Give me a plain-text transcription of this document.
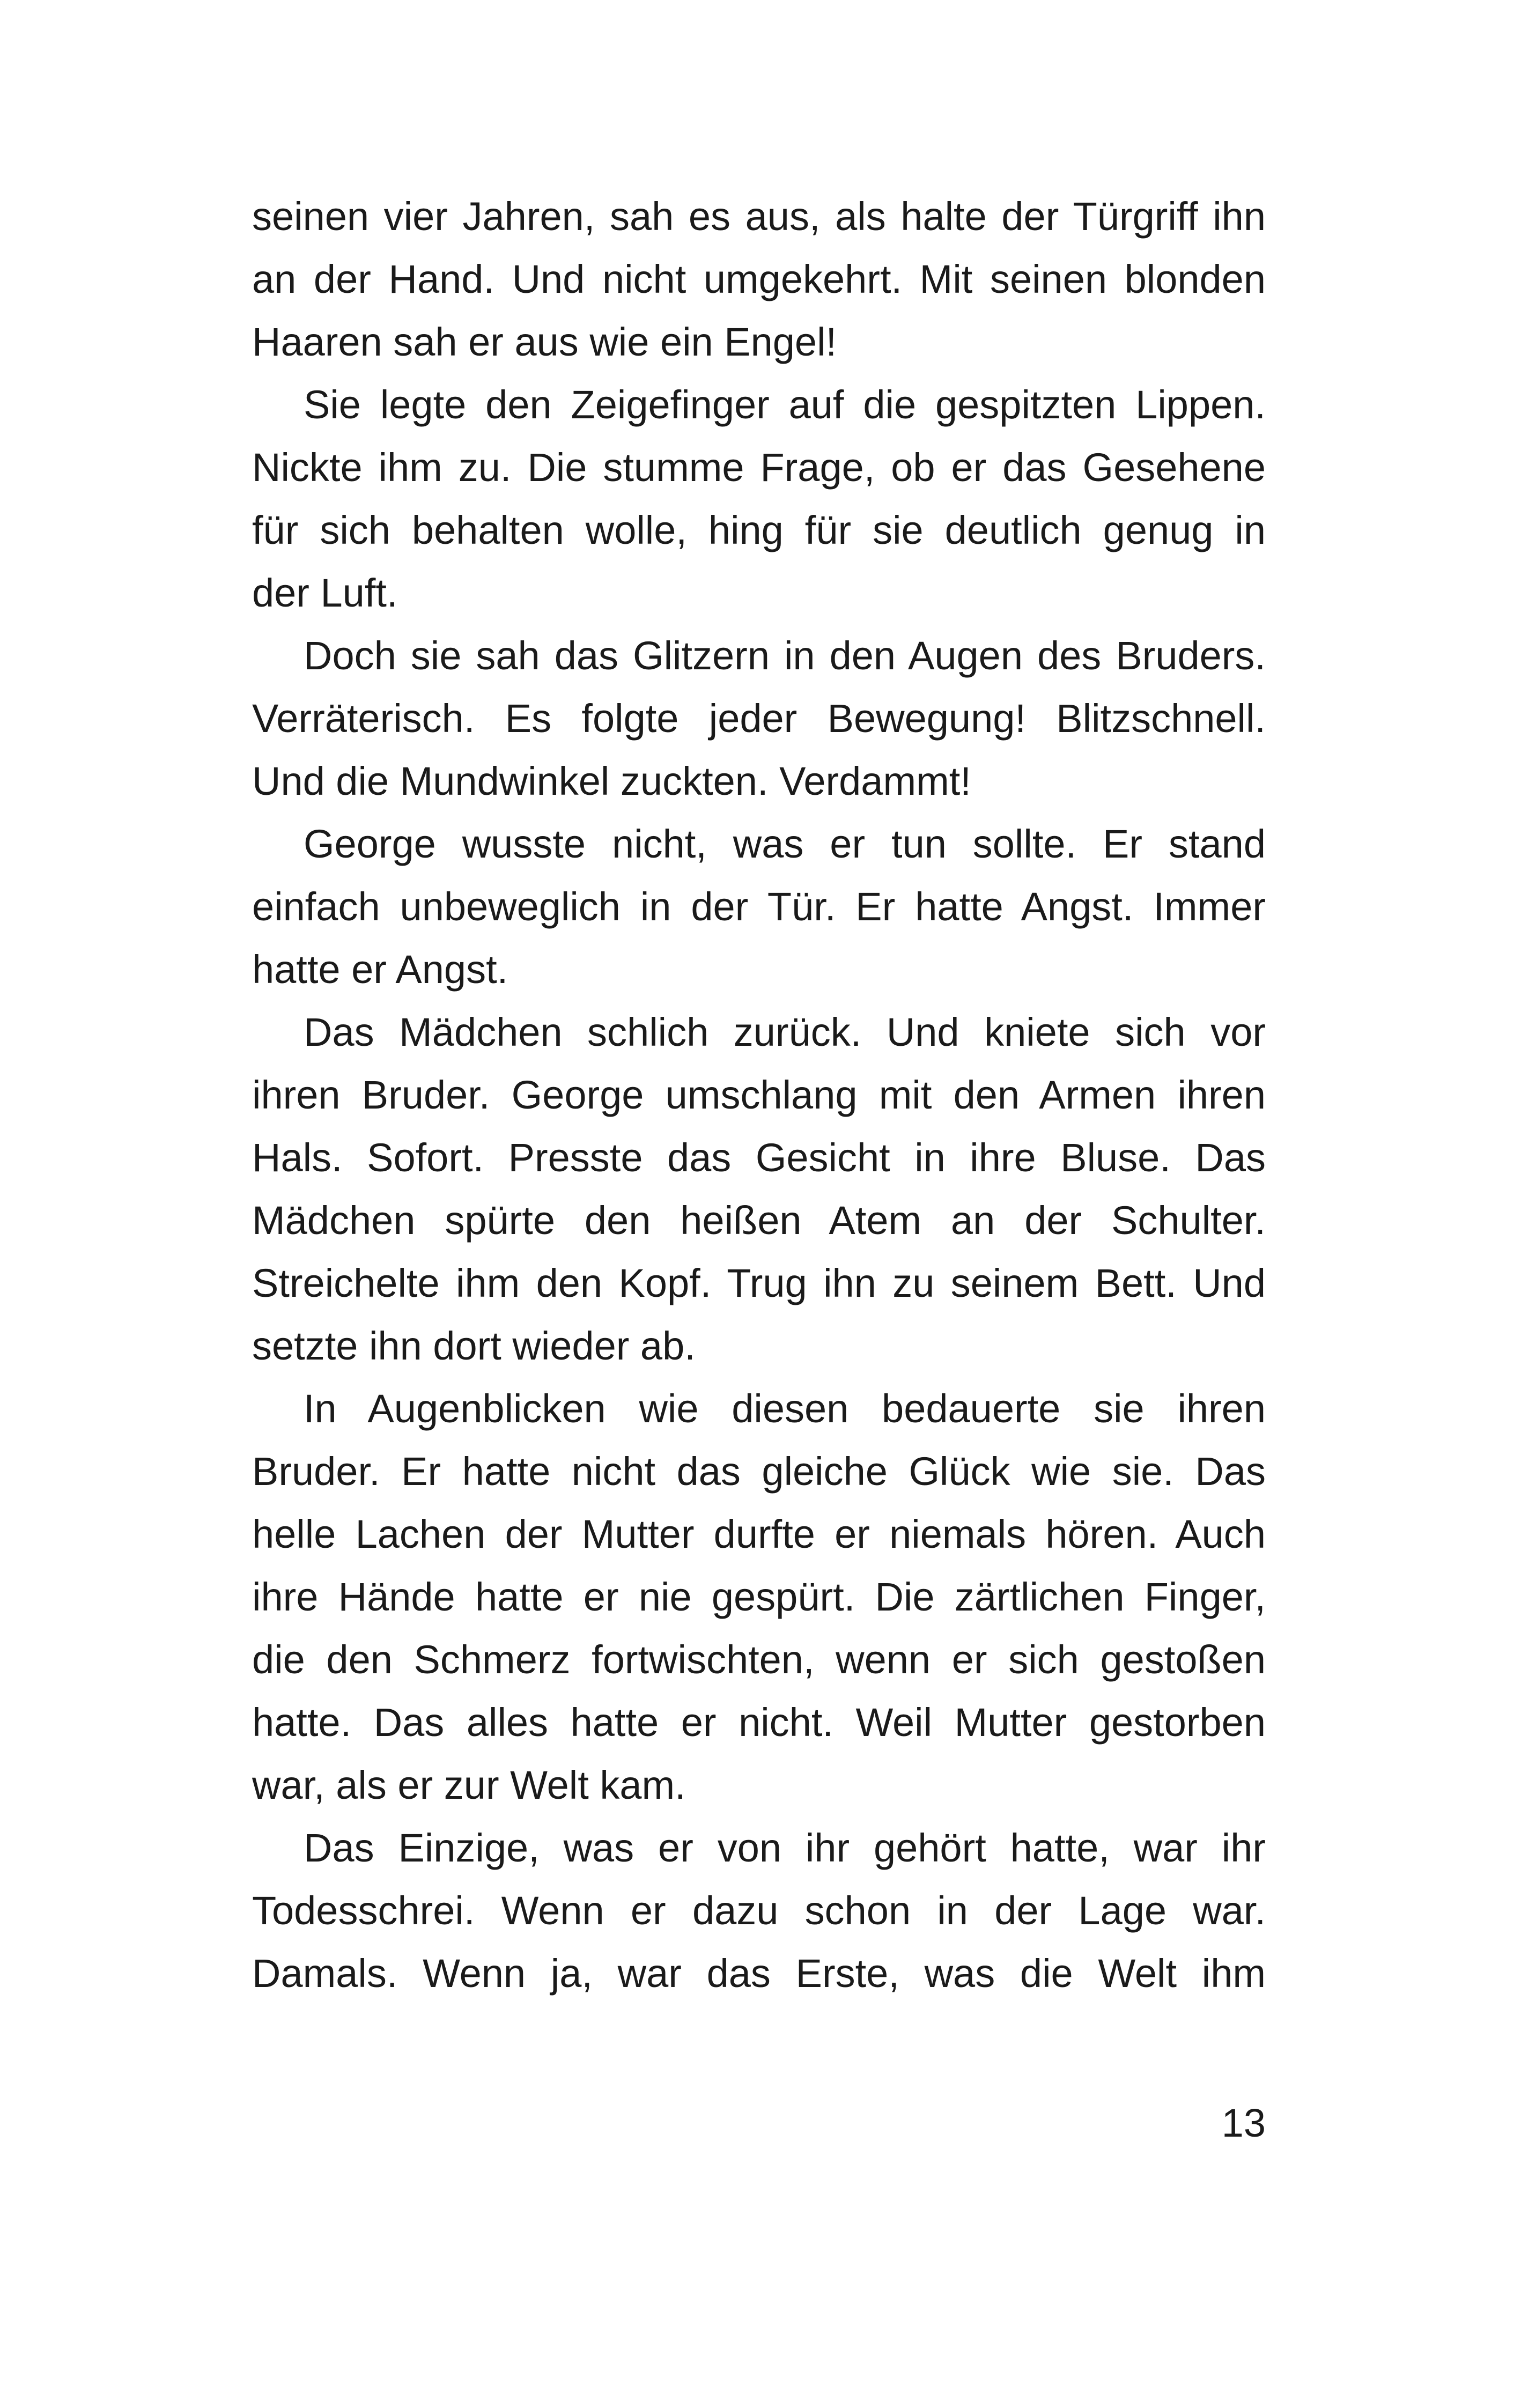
seinen vier Jahren, sah es aus, als halte der Türgriff ihn
an der Hand. Und nicht umgekehrt. Mit seinen blonden
Haaren sah er aus wie ein Engel!
Sie legte den Zeigefinger auf die gespitzten Lippen.
Nickte ihm zu. Die stumme Frage, ob er das Gesehene
für sich behalten wolle, hing für sie deutlich genug in
der Luft.
Doch sie sah das Glitzern in den Augen des Bruders.
Verräterisch. Es folgte jeder Bewegung! Blitzschnell.
Und die Mundwinkel zuckten. Verdammt!
George wusste nicht, was er tun sollte. Er stand
einfach unbeweglich in der Tür. Er hatte Angst. Immer
hatte er Angst.
Das Mädchen schlich zurück. Und kniete sich vor
ihren Bruder. George umschlang mit den Armen ihren
Hals. Sofort. Presste das Gesicht in ihre Bluse. Das
Mädchen spürte den heißen Atem an der Schulter.
Streichelte ihm den Kopf. Trug ihn zu seinem Bett. Und
setzte ihn dort wieder ab.
In Augenblicken wie diesen bedauerte sie ihren
Bruder. Er hatte nicht das gleiche Glück wie sie. Das
helle Lachen der Mutter durfte er niemals hören. Auch
ihre Hände hatte er nie gespürt. Die zärtlichen Finger,
die den Schmerz fortwischten, wenn er sich gestoßen
hatte. Das alles hatte er nicht. Weil Mutter gestorben
war, als er zur Welt kam.
Das Einzige, was er von ihr gehört hatte, war ihr
Todesschrei. Wenn er dazu schon in der Lage war.
Damals. Wenn ja, war das Erste, was die Welt ihm
13
